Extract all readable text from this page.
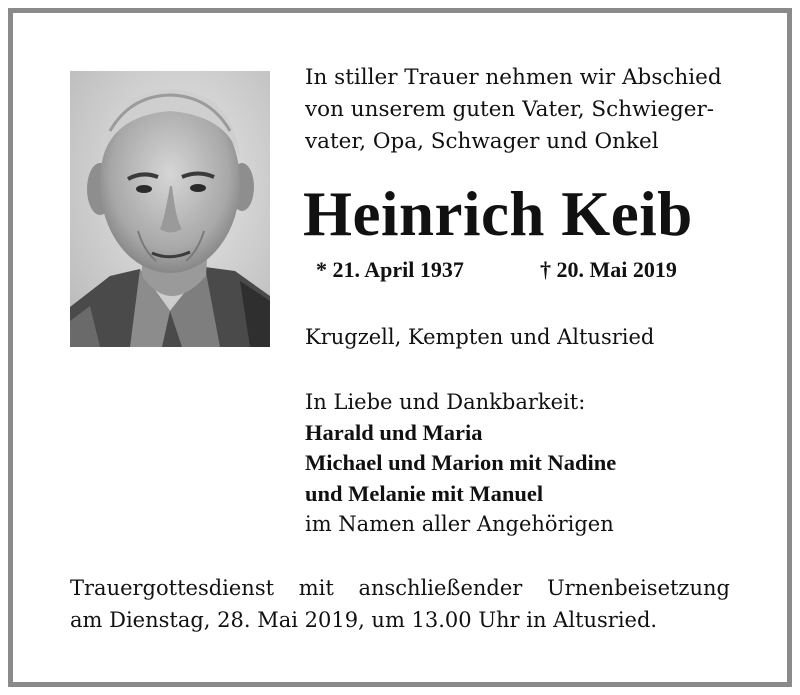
In stiller Trauer nehmen wir Abschied
von unserem guten Vater, Schwieger-
vater, Opa, Schwager und Onkel
Heinrich Keib
* 21. April 1937	† 20. Mai 2019
Krugzell, Kempten und Altusried
In Liebe und Dankbarkeit:
Harald und Maria
Michael und Marion mit Nadine
und Melanie mit Manuel
im Namen aller Angehörigen
Trauergottesdienst mit anschließender Urnenbeisetzung
am Dienstag, 28. Mai 2019, um 13.00 Uhr in Altusried.
